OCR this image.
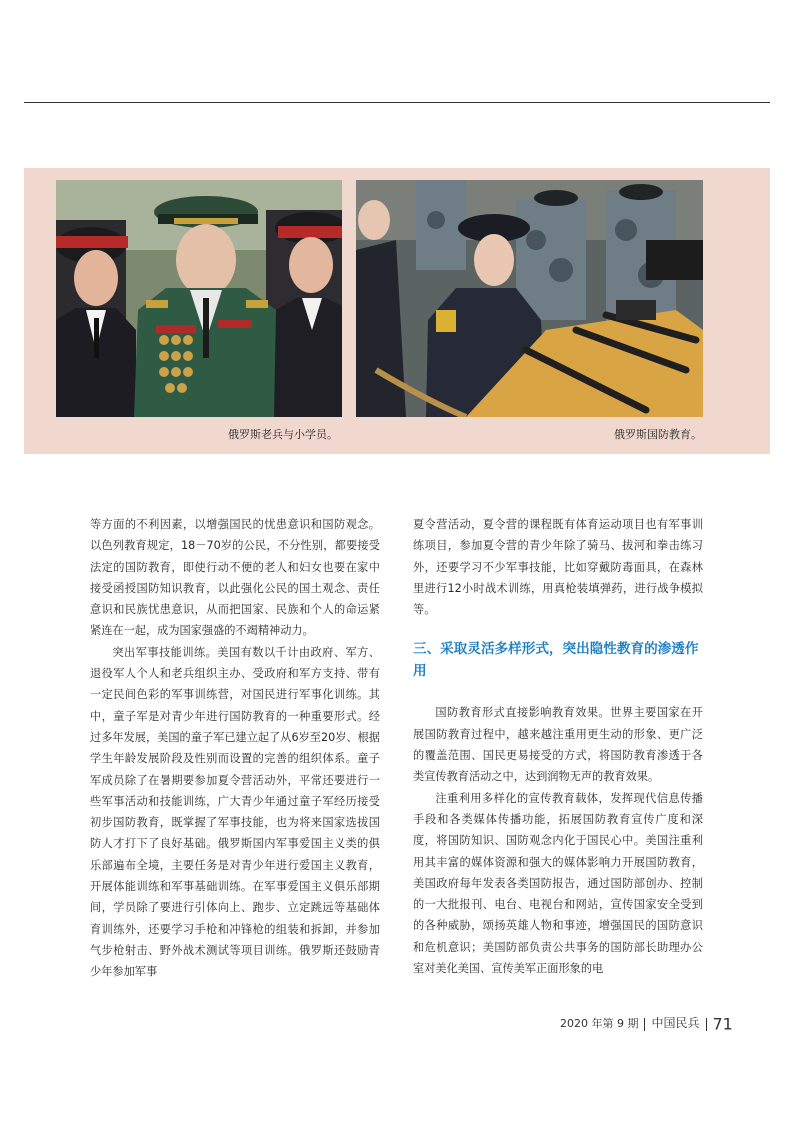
俄罗斯老兵与小学员。	俄罗斯国防教育。

等方面的不利因素，以增强国民的忧患意识和国防观念。以色列教育规定，18－70岁的公民，不分性别，都要接受法定的国防教育，即使行动不便的老人和妇女也要在家中接受函授国防知识教育，以此强化公民的国土观念、责任意识和民族忧患意识，从而把国家、民族和个人的命运紧紧连在一起，成为国家强盛的不竭精神动力。

突出军事技能训练。美国有数以千计由政府、军方、退役军人个人和老兵组织主办、受政府和军方支持、带有一定民间色彩的军事训练营，对国民进行军事化训练。其中，童子军是对青少年进行国防教育的一种重要形式。经过多年发展，美国的童子军已建立起了从6岁至20岁、根据学生年龄发展阶段及性别而设置的完善的组织体系。童子军成员除了在暑期要参加夏令营活动外，平常还要进行一些军事活动和技能训练，广大青少年通过童子军经历接受初步国防教育，既掌握了军事技能，也为将来国家选拔国防人才打下了良好基础。俄罗斯国内军事爱国主义类的俱乐部遍布全境，主要任务是对青少年进行爱国主义教育，开展体能训练和军事基础训练。在军事爱国主义俱乐部期间，学员除了要进行引体向上、跑步、立定跳远等基础体育训练外，还要学习手枪和冲锋枪的组装和拆卸，并参加气步枪射击、野外战术测试等项目训练。俄罗斯还鼓励青少年参加军事

夏令营活动，夏令营的课程既有体育运动项目也有军事训练项目，参加夏令营的青少年除了骑马、拔河和拳击练习外，还要学习不少军事技能，比如穿戴防毒面具，在森林里进行12小时战术训练，用真枪装填弹药，进行战争模拟等。

三、采取灵活多样形式，突出隐性教育的渗透作用

国防教育形式直接影响教育效果。世界主要国家在开展国防教育过程中，越来越注重用更生动的形象、更广泛的覆盖范围、国民更易接受的方式，将国防教育渗透于各类宣传教育活动之中，达到润物无声的教育效果。

注重利用多样化的宣传教育载体，发挥现代信息传播手段和各类媒体传播功能，拓展国防教育宣传广度和深度，将国防知识、国防观念内化于国民心中。美国注重利用其丰富的媒体资源和强大的媒体影响力开展国防教育，美国政府每年发表各类国防报告，通过国防部创办、控制的一大批报刊、电台、电视台和网站，宣传国家安全受到的各种威胁，颂扬英雄人物和事迹，增强国民的国防意识和危机意识；美国防部负责公共事务的国防部长助理办公室对美化美国、宣传美军正面形象的电

2020 年第 9 期 中国民兵 71
